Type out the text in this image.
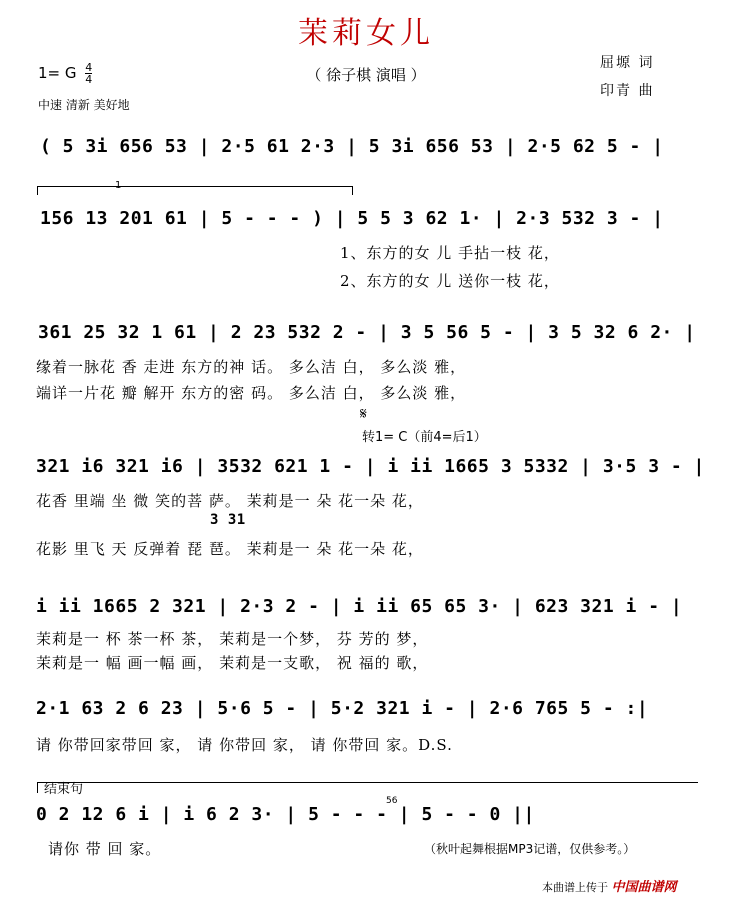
茉莉女儿
（ 徐子棋 演唱 ）
1= G $\frac{4}{4}$
中速 清新 美好地
屈塬 词
印青 曲
( 5 3i 656 53 | 2·5 61 2·3 | 5 3i 656 53 | 2·5 62 5 - |
1
156 13 201 61 | 5 - - - ) | 5 5 3 62 1· | 2·3 532 3 - |
1、东方的女 儿 手拈一枝 花，
2、东方的女 儿 送你一枝 花，
361 25 32 1 61 | 2 23 532 2 - | 3 5 56 5 - | 3 5 32 6 2· |
缘着一脉花 香 走进 东方的神 话。 多么洁 白， 多么淡 雅，
端详一片花 瓣 解开 东方的密 码。 多么洁 白， 多么淡 雅，
𝄋
转1= C（前4=后1）
321 i6 321 i6 | 3532 621 1 - | i ii 1665 3 5332 | 3·5 3 - |
花香 里端 坐 微 笑的菩 萨。 茉莉是一 朵 花一朵 花，
3 31
花影 里飞 天 反弹着 琵 琶。 茉莉是一 朵 花一朵 花，
i ii 1665 2 321 | 2·3 2 - | i ii 65 65 3· | 623 321 i - |
茉莉是一 杯 茶一杯 茶， 茉莉是一个梦， 芬 芳的 梦，
茉莉是一 幅 画一幅 画， 茉莉是一支歌， 祝 福的 歌，
2·1 63 2 6 23 | 5·6 5 - | 5·2 321 i - | 2·6 765 5 - :|
请 你带回家带回 家， 请 你带回 家， 请 你带回 家。D.S.
结束句
56
0 2 12 6 i | i 6 2 3· | 5 - - - | 5 - - 0 ||
请你 带 回 家。	（秋叶起舞根据MP3记谱，仅供参考。）
本曲谱上传于 中国曲谱网
